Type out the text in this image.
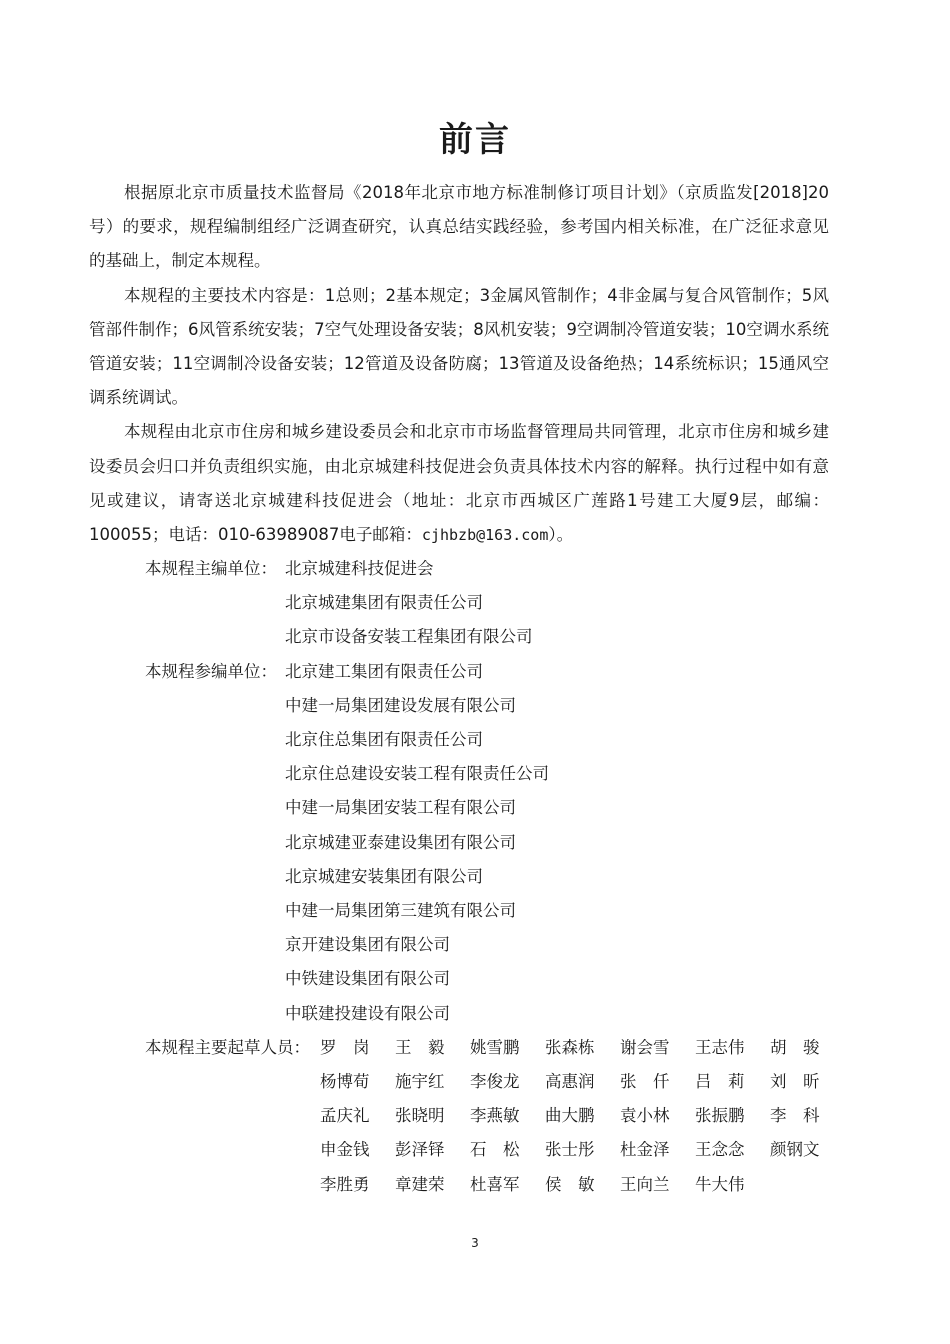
前言

根据原北京市质量技术监督局《2018年北京市地方标准制修订项目计划》（京质监发[2018]20号）的要求，规程编制组经广泛调查研究，认真总结实践经验，参考国内相关标准，在广泛征求意见的基础上，制定本规程。

本规程的主要技术内容是：1总则；2基本规定；3金属风管制作；4非金属与复合风管制作；5风管部件制作；6风管系统安装；7空气处理设备安装；8风机安装；9空调制冷管道安装；10空调水系统管道安装；11空调制冷设备安装；12管道及设备防腐；13管道及设备绝热；14系统标识；15通风空调系统调试。

本规程由北京市住房和城乡建设委员会和北京市市场监督管理局共同管理，北京市住房和城乡建设委员会归口并负责组织实施，由北京城建科技促进会负责具体技术内容的解释。执行过程中如有意见或建议，请寄送北京城建科技促进会（地址：北京市西城区广莲路1号建工大厦9层，邮编：100055；电话：010-63989087电子邮箱：cjhbzb@163.com）。

本规程主编单位： 北京城建科技促进会
北京城建集团有限责任公司
北京市设备安装工程集团有限公司
本规程参编单位： 北京建工集团有限责任公司
中建一局集团建设发展有限公司
北京住总集团有限责任公司
北京住总建设安装工程有限责任公司
中建一局集团安装工程有限公司
北京城建亚泰建设集团有限公司
北京城建安装集团有限公司
中建一局集团第三建筑有限公司
京开建设集团有限公司
中铁建设集团有限公司
中联建投建设有限公司
本规程主要起草人员： 罗　岗	王　毅	姚雪鹏	张森栋	谢会雪	王志伟	胡　骏
杨博荀	施宇红	李俊龙	高惠润	张　仟	吕　莉	刘　昕
孟庆礼	张晓明	李燕敏	曲大鹏	袁小林	张振鹏	李　科
申金钱	彭泽铎	石　松	张士彤	杜金泽	王念念	颜钢文
李胜勇	章建荣	杜喜军	侯　敏	王向兰	牛大伟
3
